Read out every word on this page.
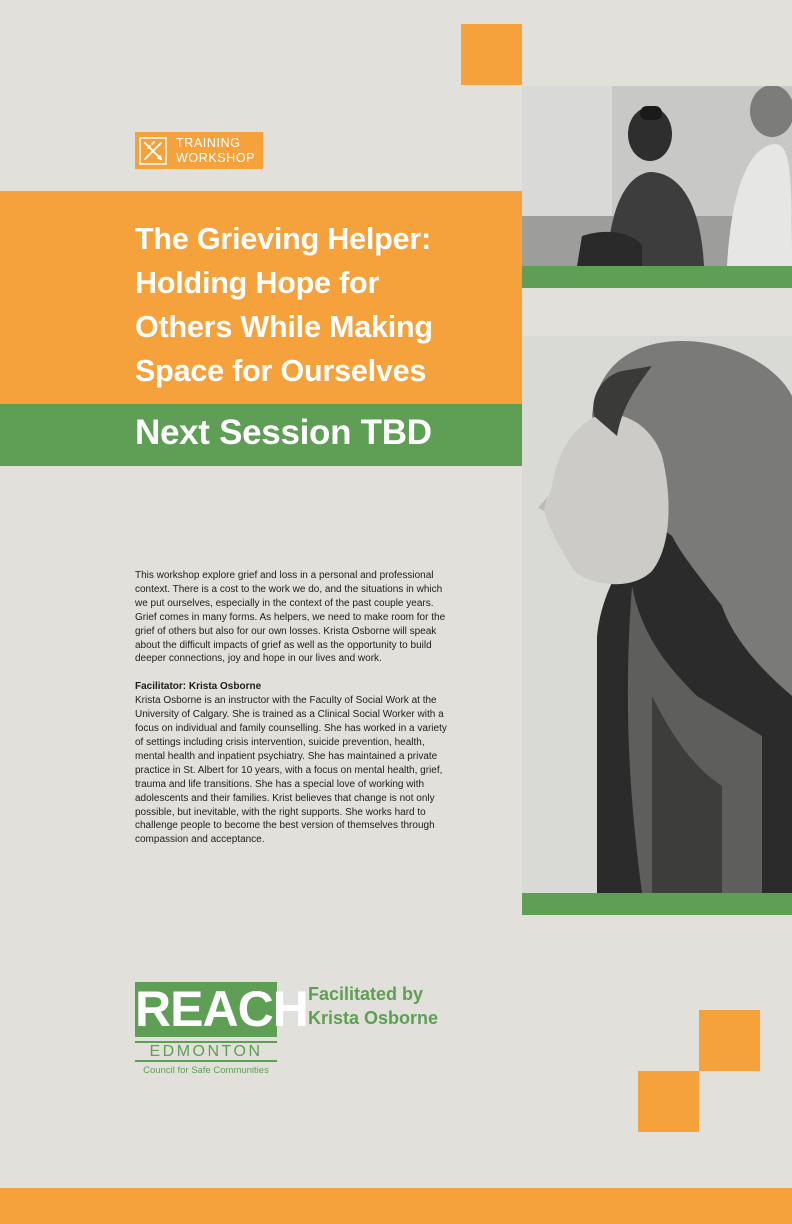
TRAINING
WORKSHOP
The Grieving Helper:
Holding Hope for
Others While Making
Space for Ourselves
Next Session TBD

This workshop explore grief and loss in a personal and professional context. There is a cost to the work we do, and the situations in which we put ourselves, especially in the context of the past couple years. Grief comes in many forms. As helpers, we need to make room for the grief of others but also for our own losses. Krista Osborne will speak about the difficult impacts of grief as well as the opportunity to build deeper connections, joy and hope in our lives and work.

Facilitator: Krista Osborne

Krista Osborne is an instructor with the Faculty of Social Work at the University of Calgary. She is trained as a Clinical Social Worker with a focus on individual and family counselling. She has worked in a variety of settings including crisis intervention, suicide prevention, health, mental health and inpatient psychiatry. She has maintained a private practice in St. Albert for 10 years, with a focus on mental health, grief, trauma and life transitions. She has a special love of working with adolescents and their families. Krist believes that change is not only possible, but inevitable, with the right supports. She works hard to challenge people to become the best version of themselves through compassion and acceptance.

REACH
EDMONTON
Council for Safe Communities
Facilitated by
Krista Osborne
